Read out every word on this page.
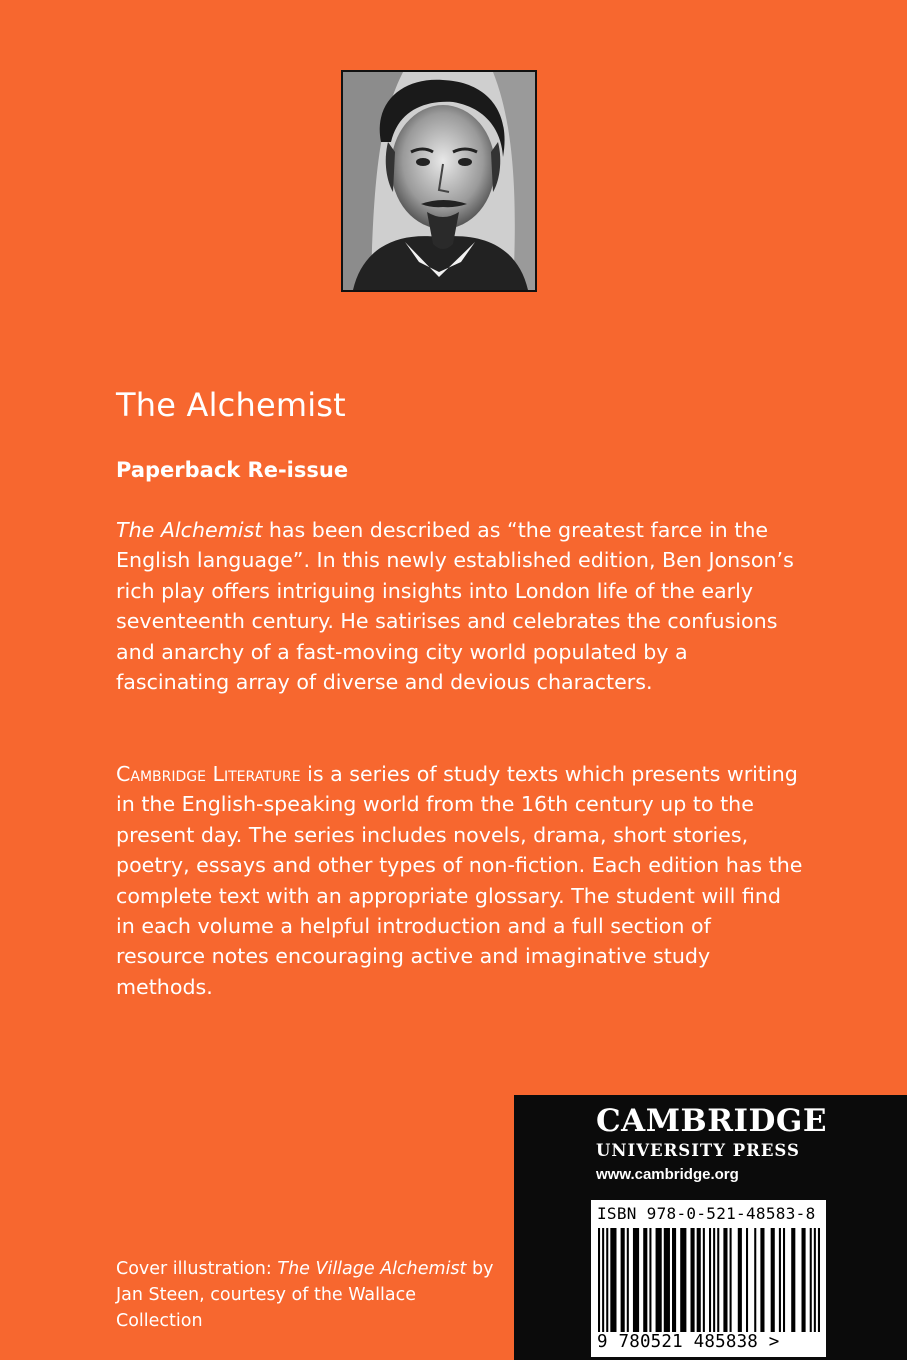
The Alchemist
Paperback Re-issue

The Alchemist has been described as “the greatest farce in the English language”. In this newly established edition, Ben Jonson’s rich play offers intriguing insights into London life of the early seventeenth century. He satirises and celebrates the confusions and anarchy of a fast-moving city world populated by a fascinating array of diverse and devious characters.

Cambridge Literature is a series of study texts which presents writing in the English-speaking world from the 16th century up to the present day. The series includes novels, drama, short stories, poetry, essays and other types of non-fiction. Each edition has the complete text with an appropriate glossary. The student will find in each volume a helpful introduction and a full section of resource notes encouraging active and imaginative study methods.

Cover illustration: The Village Alchemist by Jan Steen, courtesy of the Wallace Collection

CAMBRIDGE
UNIVERSITY PRESS
www.cambridge.org
ISBN 978-0-521-48583-8
9 780521 485838 >
